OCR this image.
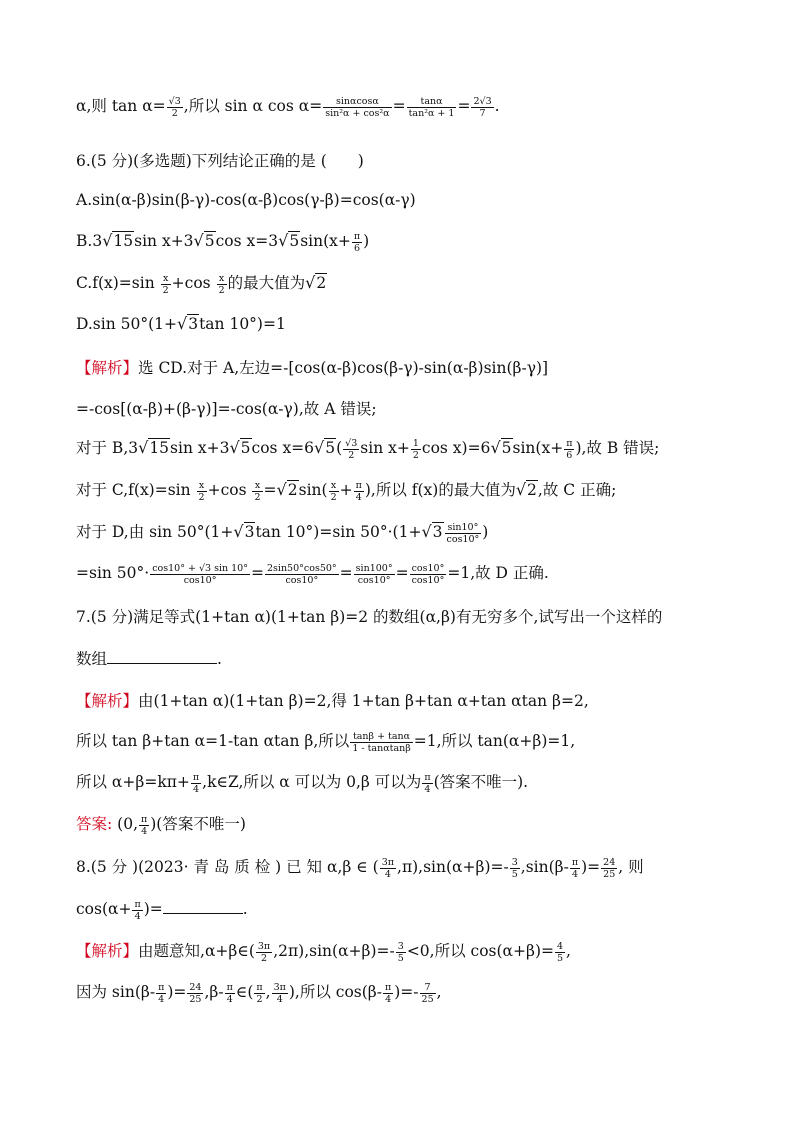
α,则 $\tan \alpha= \frac{√3}{2}$ ,所以 sin α $\cos \alpha= \frac{\sin\alpha\cos\alpha}{\text{sin²α + cos²α}} = \frac{\tan\alpha}{\text{tan²α + 1}} = \frac{2√3}{7}$ .
6.(5 分)(多选题)下列结论正确的是 (　　)
A.sin(α-β)sin(β-γ)-cos(α-β)cos(γ-β)=cos(α-γ)
B.3√15sin x+3√5cos $x=3√5\sin(x+ \frac{\pi}{6}$ )
$C.f(x)=\sin \frac{x}{2} +\cos \frac{x}{2}$ 的最大值为√2
D.sin 50°(1+√3tan 10°)=1
【解析】选 CD.对于 A,左边=-[cos(α-β)cos(β-γ)-sin(α-β)sin(β-γ)]
=-cos[(α-β)+(β-γ)]=-cos(α-γ),故 A 错误;
对于 B,3√15sin x+3√5cos $x=6√5( \frac{√3}{2}$ $\sin x+ \frac{1}{2}$ $\cos x)=6√5\sin(x+ \frac{\pi}{6}$ ),故 B 错误;
对于 $C,f(x)=\sin \frac{x}{2} +\cos \frac{x}{2} =√2\sin( \frac{x}{2} + \frac{\pi}{4}$ ),所以 f(x)的最大值为√2,故 C 正确;
对于 D,由 sin 50°(1+√3tan 10°)=sin $50^\circ\cdot(1+√3 \frac{\sin 10^\circ}{\cos 10^\circ}$ )
=sin $50^\circ\cdot \frac{\cos 10^\circ + √3 \sin 10^\circ}{\cos 10^\circ} = \frac{2\sin 50^\circ\cos 50^\circ}{\cos 10^\circ} = \frac{\sin 100^\circ}{\cos 10^\circ} = \frac{\cos 10^\circ}{\cos 10^\circ} =1$,故 D 正确.
7.(5 分)满足等式(1+tan α)(1+tan β)=2 的数组(α,β)有无穷多个,试写出一个这样的
数组	.
【解析】由(1+tan α)(1+tan β)=2,得 1+tan β+tan α+tan αtan β=2,
所以 tan β+tan α=1-tan αtan β,所以 $\frac{\tan\beta + \tan\alpha}{1 - \tan\alpha\tan\beta} =1$,所以 tan(α+β)=1,
所以 $\alpha+\beta=k\pi+ \frac{\pi}{4}$ ,k∈Z,所以 α 可以为 0,β 可以为 $\frac{\pi}{4}$ (答案不唯一).
答案: (0, $\frac{\pi}{4}$ )(答案不唯一)
8.(5 分 )(2023· 青 岛 质 检 ) 已 知 α,β ∈ ( $\frac{3\pi}{4} ,\pi),\sin(\alpha+\beta)=- \frac{3}{5} ,\sin(\beta- \frac{\pi}{4}$ )= $\frac{24}{25}$ , 则
$\cos(\alpha+ \frac{\pi}{4}$ )=	.
【解析】由题意知,α+β∈( $\frac{3\pi}{2} ,2\pi),\sin(\alpha+\beta)=- \frac{3}{5} <0$,所以 $\cos(\alpha+\beta)= \frac{4}{5}$ ,
因为 $\sin(\beta- \frac{\pi}{4}$ )= $\frac{24}{25} ,\beta- \frac{\pi}{4}$ ∈( $\frac{\pi}{2}$ , $\frac{3\pi}{4}$ ),所以 $\cos(\beta- \frac{\pi}{4}$ )=- $\frac{7}{25}$ ,
